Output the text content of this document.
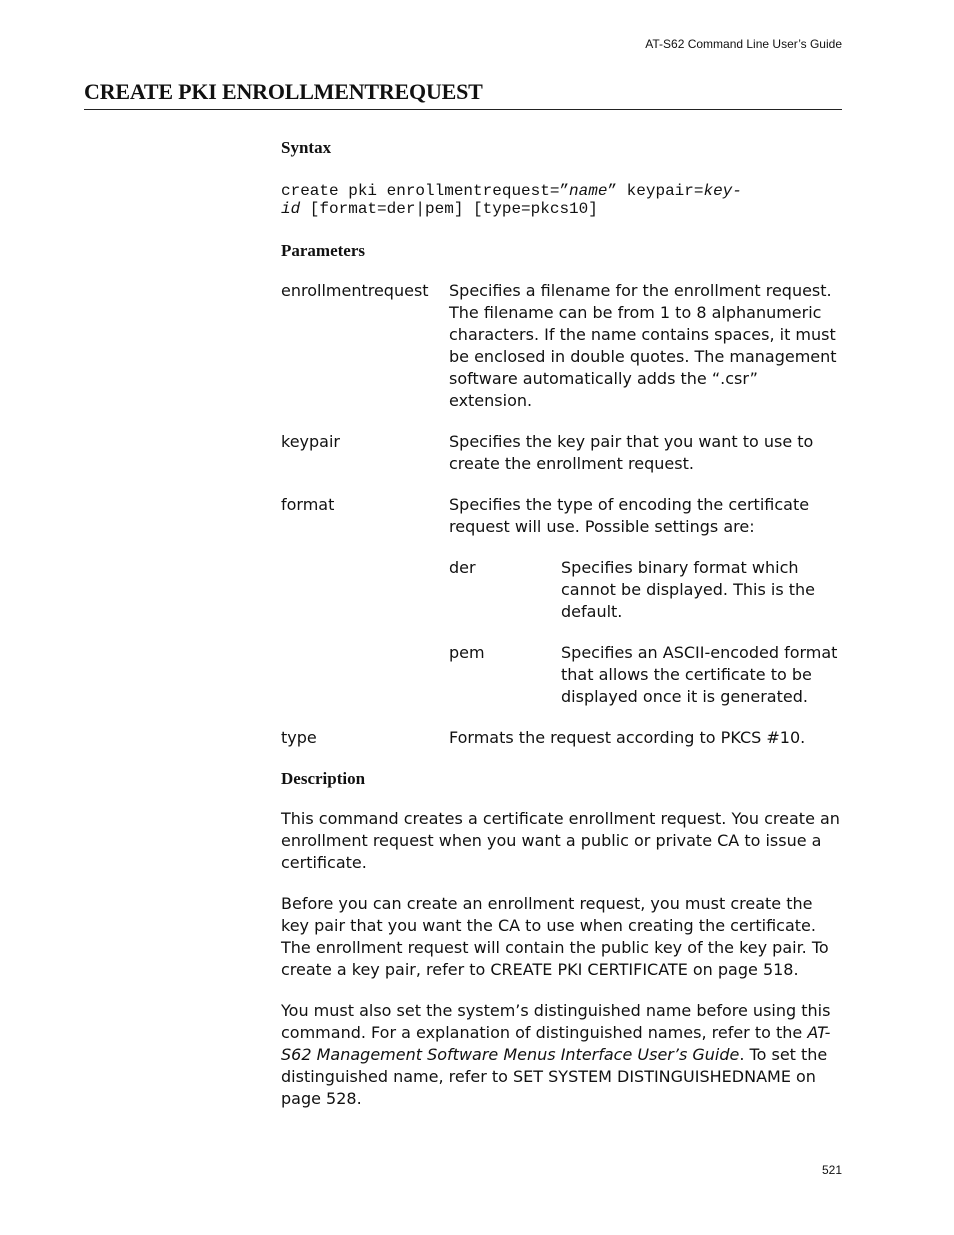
AT-S62 Command Line User’s Guide
CREATE PKI ENROLLMENTREQUEST
Syntax
create pki enrollmentrequest=”name” keypair=key-
id [format=der|pem] [type=pkcs10]
Parameters
enrollmentrequest	Specifies a filename for the enrollment request. The filename can be from 1 to 8 alphanumeric characters. If the name contains spaces, it must be enclosed in double quotes. The management software automatically adds the “.csr” extension.
keypair	Specifies the key pair that you want to use to create the enrollment request.
format	Specifies the type of encoding the certificate request will use. Possible settings are:
der	Specifies binary format which cannot be displayed. This is the default.
pem	Specifies an ASCII-encoded format that allows the certificate to be displayed once it is generated.

type	Formats the request according to PKCS #10.
Description

This command creates a certificate enrollment request. You create an enrollment request when you want a public or private CA to issue a certificate.

Before you can create an enrollment request, you must create the key pair that you want the CA to use when creating the certificate. The enrollment request will contain the public key of the key pair. To create a key pair, refer to CREATE PKI CERTIFICATE on page 518.

You must also set the system’s distinguished name before using this command. For a explanation of distinguished names, refer to the AT-S62 Management Software Menus Interface User’s Guide. To set the distinguished name, refer to SET SYSTEM DISTINGUISHEDNAME on page 528.

521
